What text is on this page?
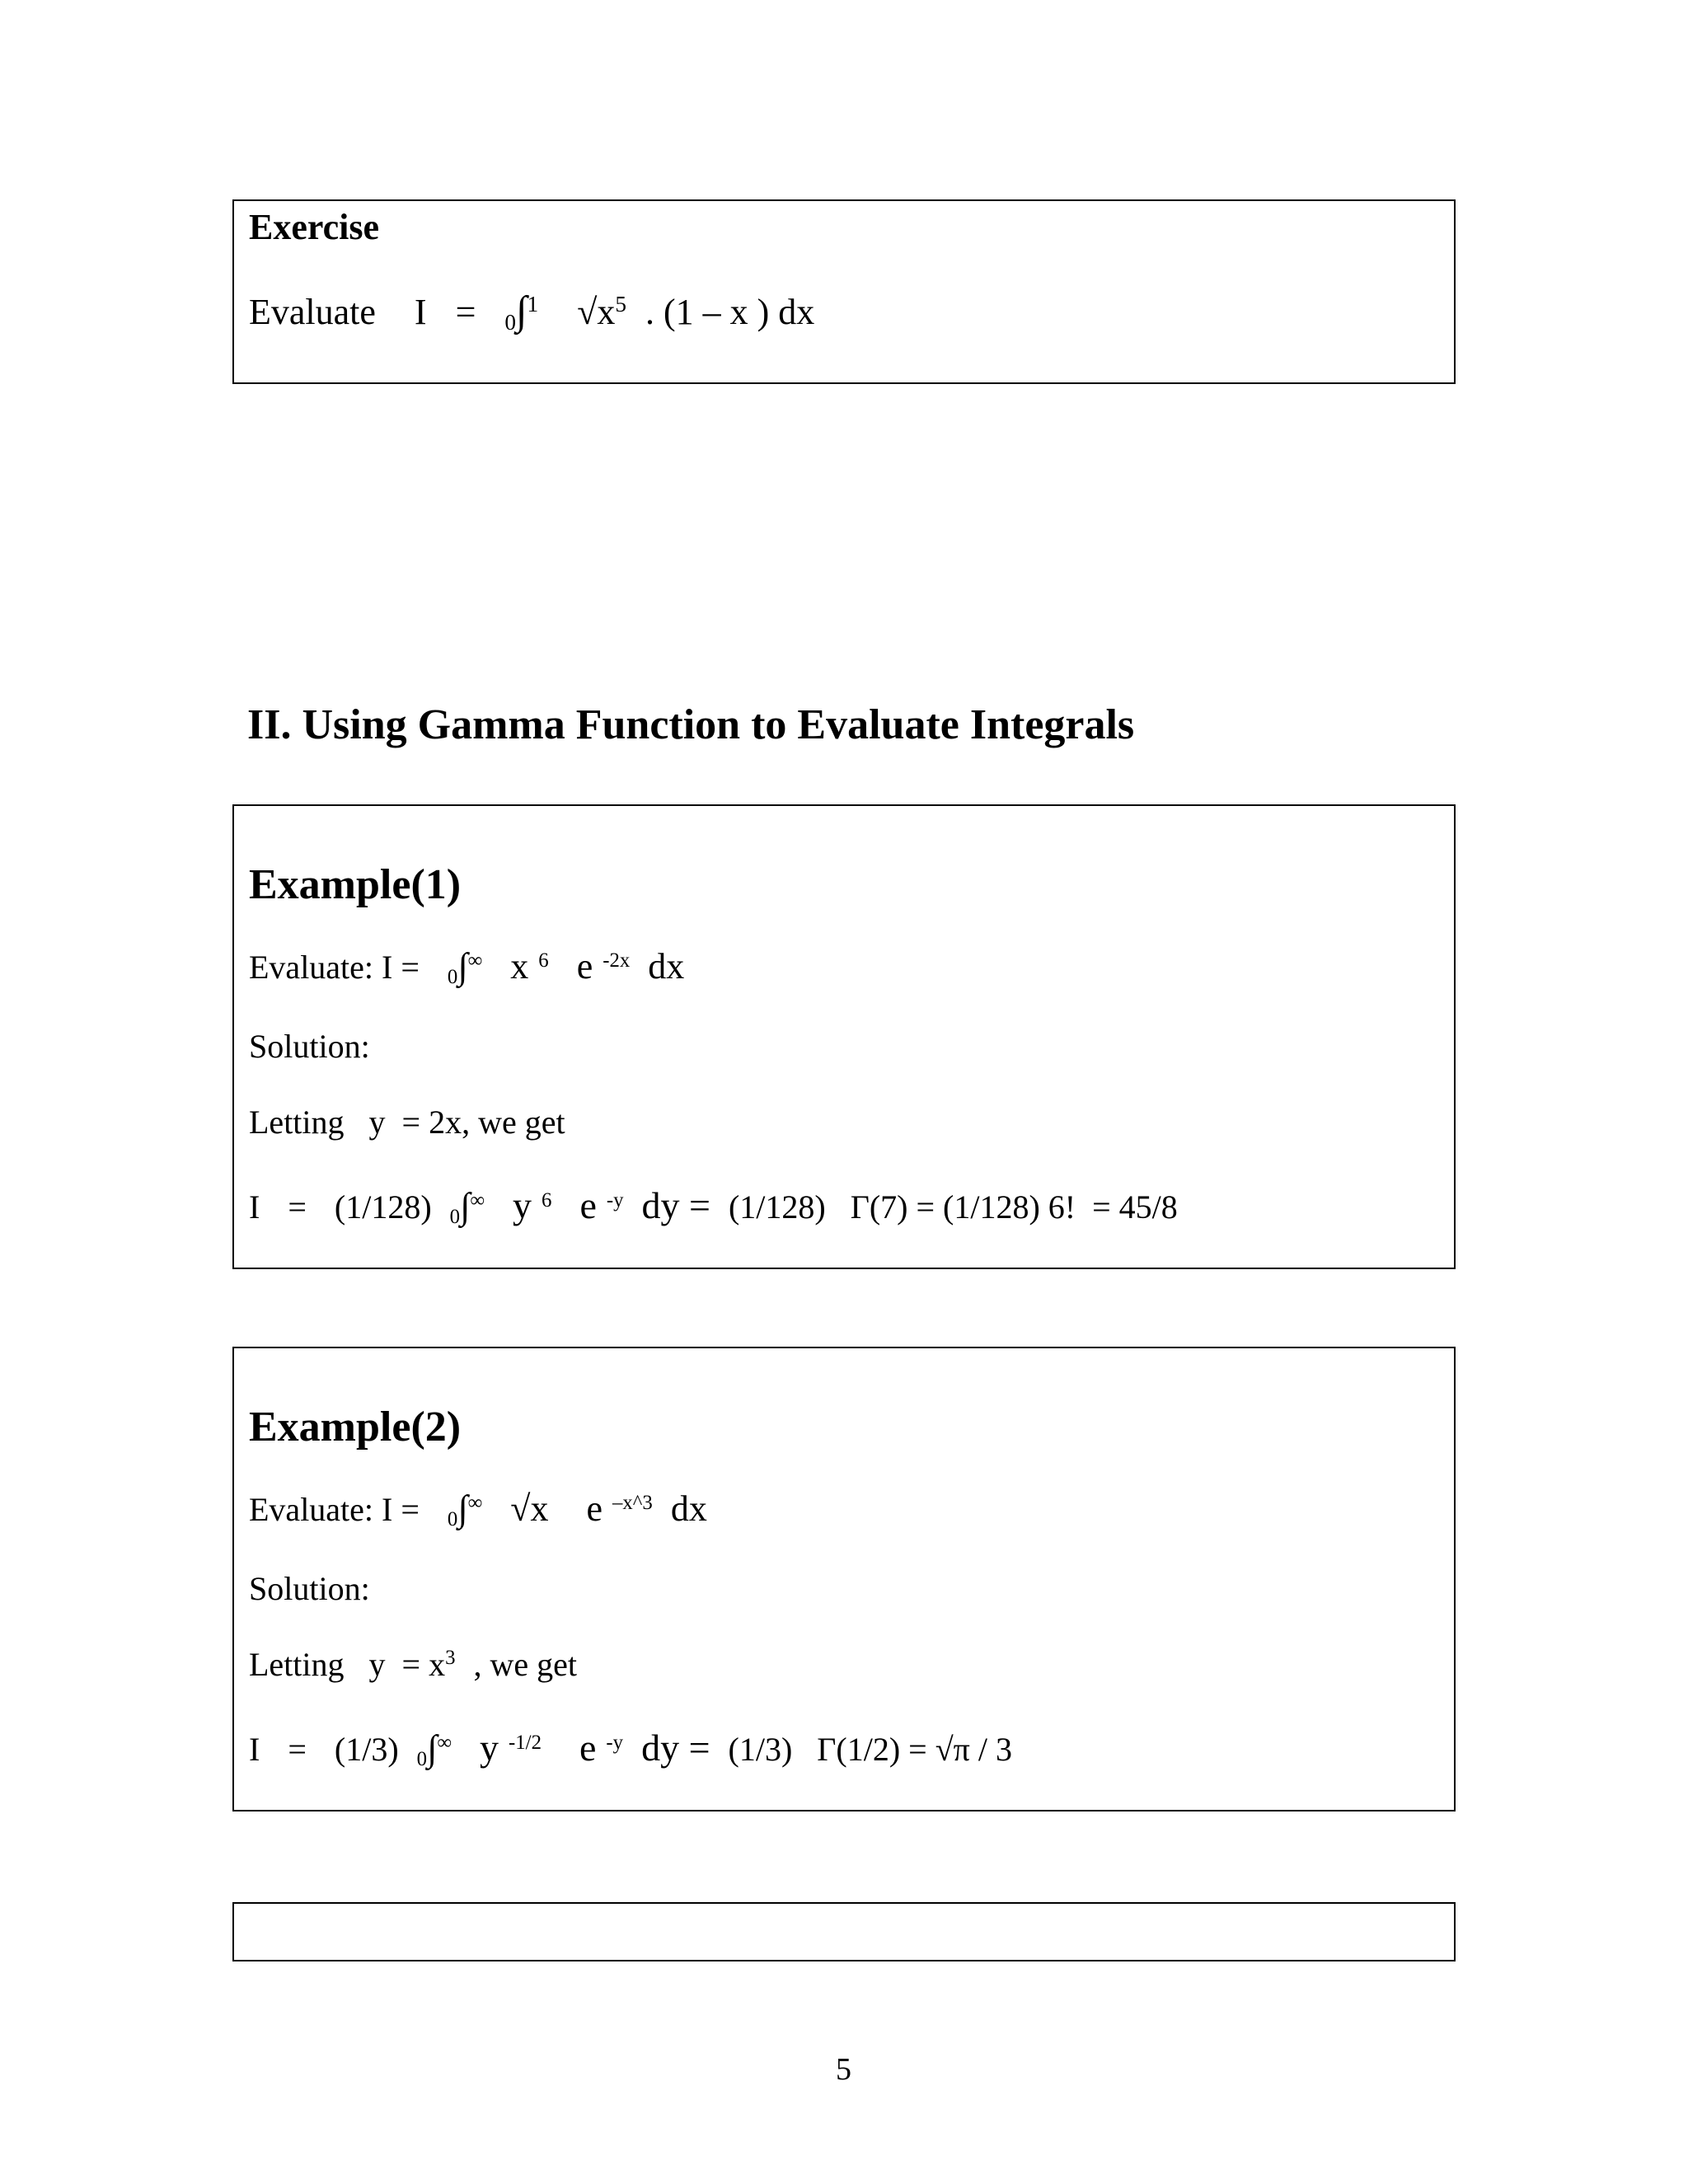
Exercise
Evaluate I = 0∫$^1$ $√x^5$ . (1 – x ) dx
II. Using Gamma Function to Evaluate Integrals
Example(1)
Evaluate: I = 0∫∞ x $^6$ e $^{-2x}$ dx
Solution:
Letting   y  = 2x, we get
I = (1/128) 0∫∞ y $^6$ e $^{-y}$ dy = (1/128)   Γ(7) = (1/128) 6!  = 45/8
Example(2)
Evaluate: I = 0∫∞ √x e $^{-x\^{}3}$ dx
Solution:
Letting   $y = x^3$ , we get
I = (1/3) 0∫∞ y $^{-1/2}$ e $^{-y}$ dy = (1/3)   Γ(1/2) = √π / 3
5
